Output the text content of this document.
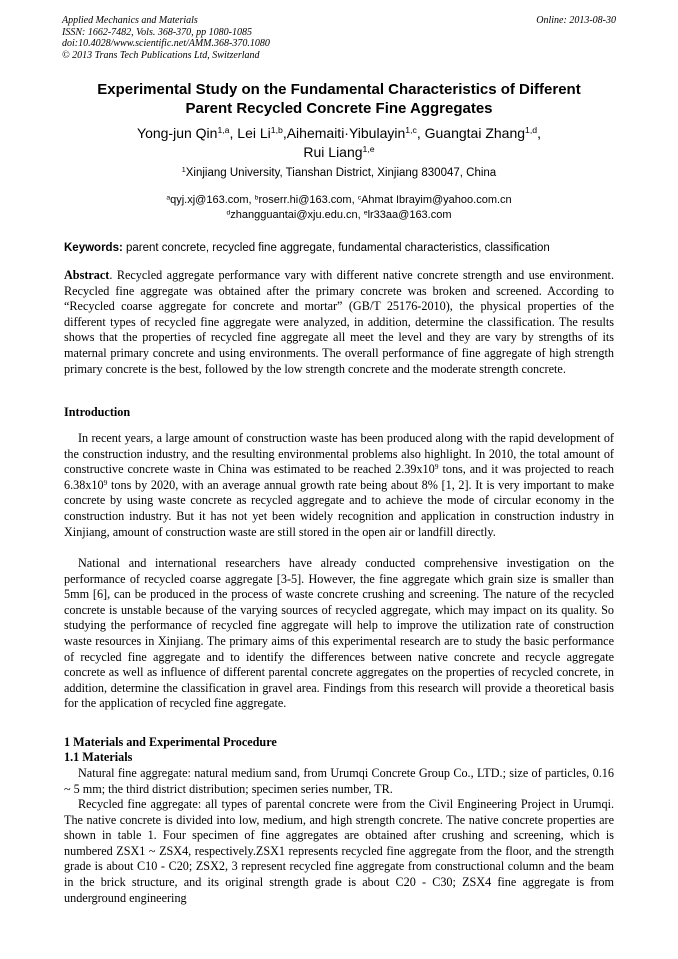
Applied Mechanics and Materials
ISSN: 1662-7482, Vols. 368-370, pp 1080-1085
doi:10.4028/www.scientific.net/AMM.368-370.1080
© 2013 Trans Tech Publications Ltd, Switzerland
Online: 2013-08-30
Experimental Study on the Fundamental Characteristics of Different
Parent Recycled Concrete Fine Aggregates
Yong-jun Qin$^{1,a}$, Lei Li$^{1,b}$,Aihemaiti·Yibulayin$^{1,c}$, Guangtai Zhang$^{1,d}$,
Rui Liang$^{1,e}$
$^1$Xinjiang University, Tianshan District, Xinjiang 830047, China
$^a$qyj.xj@163.com, $^b$roserr.hi@163.com, $^c$Ahmat Ibrayim@yahoo.com.cn
$^d$zhangguantai@xju.edu.cn, $^e$lr33aa@163.com
Keywords: parent concrete, recycled fine aggregate, fundamental characteristics, classification
Abstract. Recycled aggregate performance vary with different native concrete strength and use environment. Recycled fine aggregate was obtained after the primary concrete was broken and screened. According to “Recycled coarse aggregate for concrete and mortar” (GB/T 25176-2010), the physical properties of the different types of recycled fine aggregate were analyzed, in addition, determine the classification. The results shows that the properties of recycled fine aggregate all meet the level and they are vary by strengths of its maternal primary concrete and using environments. The overall performance of fine aggregate of high strength primary concrete is the best, followed by the low strength concrete and the moderate strength concrete.
Introduction
In recent years, a large amount of construction waste has been produced along with the rapid development of the construction industry, and the resulting environmental problems also highlight. In 2010, the total amount of constructive concrete waste in China was estimated to be reached $2.39x10^9$ tons, and it was projected to reach $6.38x10^9$ tons by 2020, with an average annual growth rate being about 8% [1, 2]. It is very important to make concrete by using waste concrete as recycled aggregate and to achieve the mode of circular economy in the construction industry. But it has not yet been widely recognition and application in construction industry in Xinjiang, amount of construction waste are still stored in the open air or landfill directly.
National and international researchers have already conducted comprehensive investigation on the performance of recycled coarse aggregate [3-5]. However, the fine aggregate which grain size is smaller than 5mm [6], can be produced in the process of waste concrete crushing and screening. The nature of the recycled concrete is unstable because of the varying sources of recycled aggregate, which may impact on its quality. So studying the performance of recycled fine aggregate will help to improve the utilization rate of construction waste resources in Xinjiang. The primary aims of this experimental research are to study the basic performance of recycled fine aggregate and to identify the differences between native concrete and recycle aggregate concrete as well as influence of different parental concrete aggregates on the properties of recycled concrete, in addition, determine the classification in gravel area. Findings from this research will provide a theoretical basis for the application of recycled fine aggregate.
1 Materials and Experimental Procedure
1.1 Materials
Natural fine aggregate: natural medium sand, from Urumqi Concrete Group Co., LTD.; size of particles, 0.16 ~ 5 mm; the third district distribution; specimen series number, TR.
Recycled fine aggregate: all types of parental concrete were from the Civil Engineering Project in Urumqi. The native concrete is divided into low, medium, and high strength concrete. The native concrete properties are shown in table 1. Four specimen of fine aggregates are obtained after crushing and screening, which is numbered ZSX1 ~ ZSX4, respectively.ZSX1 represents recycled fine aggregate from the floor, and the strength grade is about C10 - C20; ZSX2, 3 represent recycled fine aggregate from constructional column and the beam in the brick structure, and its original strength grade is about C20 - C30; ZSX4 fine aggregate is from underground engineering
